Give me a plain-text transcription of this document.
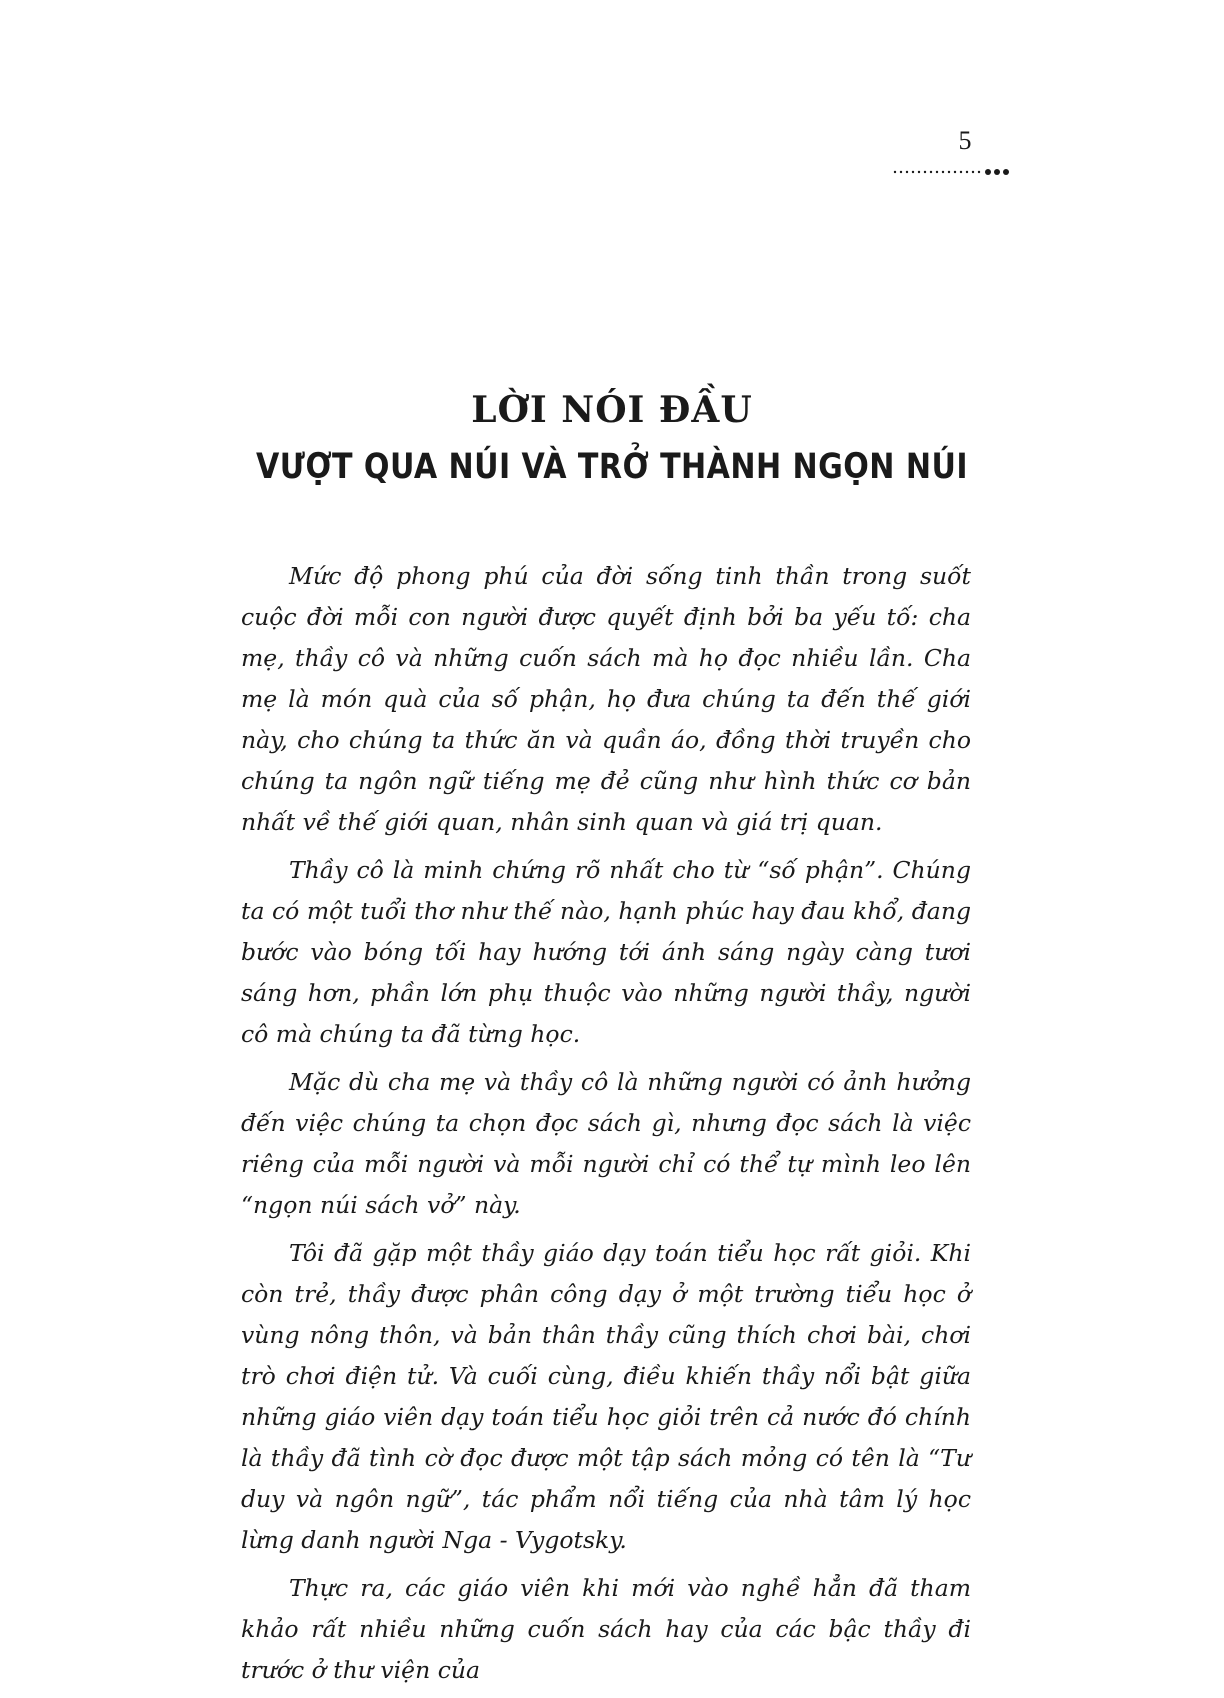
5
LỜI NÓI ĐẦU
VƯỢT QUA NÚI VÀ TRỞ THÀNH NGỌN NÚI

Mức độ phong phú của đời sống tinh thần trong suốt cuộc đời mỗi con người được quyết định bởi ba yếu tố: cha mẹ, thầy cô và những cuốn sách mà họ đọc nhiều lần. Cha mẹ là món quà của số phận, họ đưa chúng ta đến thế giới này, cho chúng ta thức ăn và quần áo, đồng thời truyền cho chúng ta ngôn ngữ tiếng mẹ đẻ cũng như hình thức cơ bản nhất về thế giới quan, nhân sinh quan và giá trị quan.

Thầy cô là minh chứng rõ nhất cho từ “số phận”. Chúng ta có một tuổi thơ như thế nào, hạnh phúc hay đau khổ, đang bước vào bóng tối hay hướng tới ánh sáng ngày càng tươi sáng hơn, phần lớn phụ thuộc vào những người thầy, người cô mà chúng ta đã từng học.

Mặc dù cha mẹ và thầy cô là những người có ảnh hưởng đến việc chúng ta chọn đọc sách gì, nhưng đọc sách là việc riêng của mỗi người và mỗi người chỉ có thể tự mình leo lên “ngọn núi sách vở” này.

Tôi đã gặp một thầy giáo dạy toán tiểu học rất giỏi. Khi còn trẻ, thầy được phân công dạy ở một trường tiểu học ở vùng nông thôn, và bản thân thầy cũng thích chơi bài, chơi trò chơi điện tử. Và cuối cùng, điều khiến thầy nổi bật giữa những giáo viên dạy toán tiểu học giỏi trên cả nước đó chính là thầy đã tình cờ đọc được một tập sách mỏng có tên là “Tư duy và ngôn ngữ”, tác phẩm nổi tiếng của nhà tâm lý học lừng danh người Nga - Vygotsky.

Thực ra, các giáo viên khi mới vào nghề hẳn đã tham khảo rất nhiều những cuốn sách hay của các bậc thầy đi trước ở thư viện của
